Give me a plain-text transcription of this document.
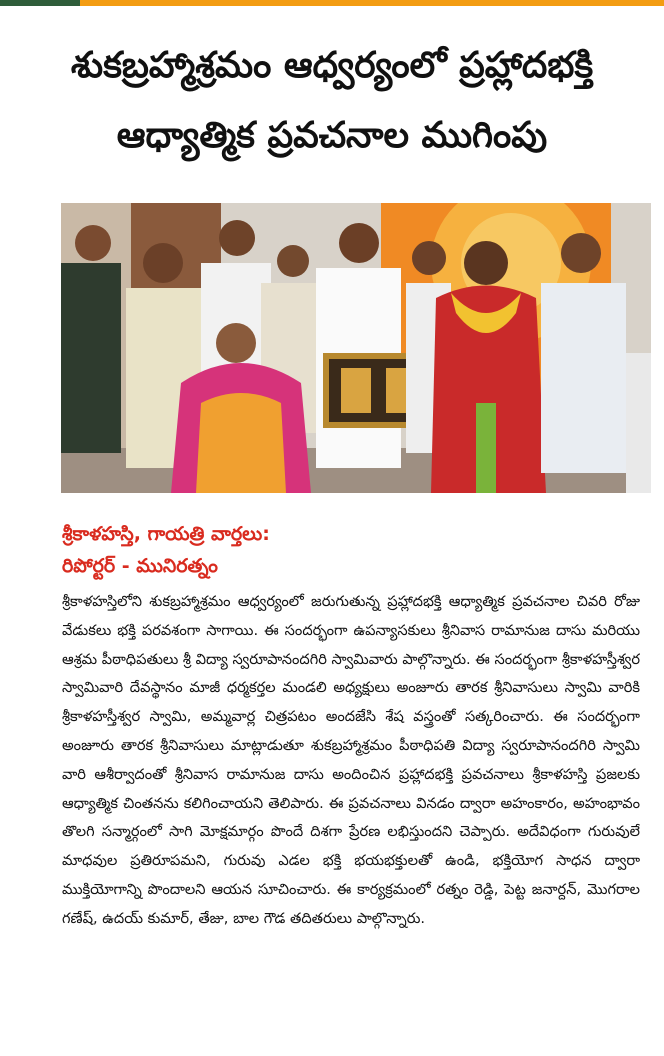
శుకబ్రహ్మాశ్రమం ఆధ్వర్యంలో ప్రహ్లాదభక్తి
ఆధ్యాత్మిక ప్రవచనాల ముగింపు
శ్రీకాళహస్తి, గాయత్రి వార్తలు:
రిపోర్టర్ - మునిరత్నం
శ్రీకాళహస్తిలోని శుకబ్రహ్మాశ్రమం ఆధ్వర్యంలో జరుగుతున్న ప్రహ్లాదభక్తి ఆధ్యాత్మిక ప్రవచనాల చివరి రోజు వేడుకలు భక్తి పరవశంగా సాగాయి. ఈ సందర్భంగా ఉపన్యాసకులు శ్రీనివాస రామానుజ దాసు మరియు ఆశ్రమ పీఠాధిపతులు శ్రీ విద్యా స్వరూపానందగిరి స్వామివారు పాల్గొన్నారు. ఈ సందర్భంగా శ్రీకాళహస్తీశ్వర స్వామివారి దేవస్థానం మాజీ ధర్మకర్తల మండలి అధ్యక్షులు అంజూరు తారక శ్రీనివాసులు స్వామి వారికి శ్రీకాళహస్తీశ్వర స్వామి, అమ్మవార్ల చిత్రపటం అందజేసి శేష వస్త్రంతో సత్కరించారు. ఈ సందర్భంగా అంజూరు తారక శ్రీనివాసులు మాట్లాడుతూ శుకబ్రహ్మాశ్రమం పీఠాధిపతి విద్యా స్వరూపానందగిరి స్వామి వారి ఆశీర్వాదంతో శ్రీనివాస రామానుజ దాసు అందించిన ప్రహ్లాదభక్తి ప్రవచనాలు శ్రీకాళహస్తి ప్రజలకు ఆధ్యాత్మిక చింతనను కలిగించాయని తెలిపారు. ఈ ప్రవచనాలు వినడం ద్వారా అహంకారం, అహంభావం తొలగి సన్మార్గంలో సాగి మోక్షమార్గం పొందే దిశగా ప్రేరణ లభిస్తుందని చెప్పారు. అదేవిధంగా గురువులే మాధవుల ప్రతిరూపమని, గురువు ఎడల భక్తి భయభక్తులతో ఉండి, భక్తియోగ సాధన ద్వారా ముక్తియోగాన్ని పొందాలని ఆయన సూచించారు. ఈ కార్యక్రమంలో రత్నం రెడ్డి, పెట్ట జనార్దన్, మొగరాల గణేష్, ఉదయ్ కుమార్, తేజు, బాల గౌడ తదితరులు పాల్గొన్నారు.
